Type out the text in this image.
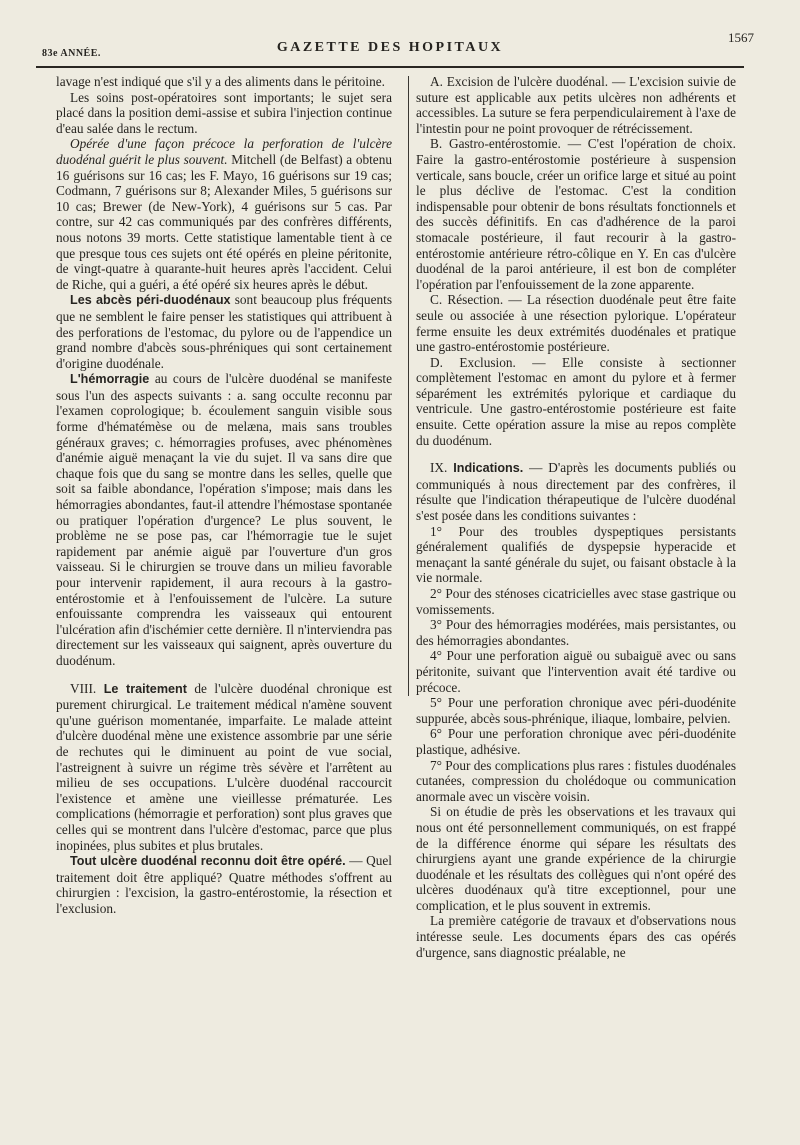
83e ANNÉE.	GAZETTE DES HOPITAUX
1567

lavage n'est indiqué que s'il y a des aliments dans le péritoine.

Les soins post-opératoires sont importants; le sujet sera placé dans la position demi-assise et subira l'injection continue d'eau salée dans le rectum.

Opérée d'une façon précoce la perforation de l'ulcère duodénal guérit le plus souvent. Mitchell (de Belfast) a obtenu 16 guérisons sur 16 cas; les F. Mayo, 16 guérisons sur 19 cas; Codmann, 7 guérisons sur 8; Alexander Miles, 5 guérisons sur 10 cas; Brewer (de New-York), 4 guérisons sur 5 cas. Par contre, sur 42 cas communiqués par des confrères différents, nous notons 39 morts. Cette statistique lamentable tient à ce que presque tous ces sujets ont été opérés en pleine péritonite, de vingt-quatre à quarante-huit heures après l'accident. Celui de Riche, qui a guéri, a été opéré six heures après le début.

Les abcès péri-duodénaux sont beaucoup plus fréquents que ne semblent le faire penser les statistiques qui attribuent à des perforations de l'estomac, du pylore ou de l'appendice un grand nombre d'abcès sous-phréniques qui sont certainement d'origine duodénale.

L'hémorragie au cours de l'ulcère duodénal se manifeste sous l'un des aspects suivants : a. sang occulte reconnu par l'examen coprologique; b. écoulement sanguin visible sous forme d'hématémèse ou de melæna, mais sans troubles généraux graves; c. hémorragies profuses, avec phénomènes d'anémie aiguë menaçant la vie du sujet. Il va sans dire que chaque fois que du sang se montre dans les selles, quelle que soit sa faible abondance, l'opération s'impose; mais dans les hémorragies abondantes, faut-il attendre l'hémostase spontanée ou pratiquer l'opération d'urgence? Le plus souvent, le problème ne se pose pas, car l'hémorragie tue le sujet rapidement par anémie aiguë par l'ouverture d'un gros vaisseau. Si le chirurgien se trouve dans un milieu favorable pour intervenir rapidement, il aura recours à la gastro-entérostomie et à l'enfouissement de l'ulcère. La suture enfouissante comprendra les vaisseaux qui entourent l'ulcération afin d'ischémier cette dernière. Il n'interviendra pas directement sur les vaisseaux qui saignent, après ouverture du duodénum.

VIII. Le traitement de l'ulcère duodénal chronique est purement chirurgical. Le traitement médical n'amène souvent qu'une guérison momentanée, imparfaite. Le malade atteint d'ulcère duodénal mène une existence assombrie par une série de rechutes qui le diminuent au point de vue social, l'astreignent à suivre un régime très sévère et l'arrêtent au milieu de ses occupations. L'ulcère duodénal raccourcit l'existence et amène une vieillesse prématurée. Les complications (hémorragie et perforation) sont plus graves que celles qui se montrent dans l'ulcère d'estomac, parce que plus inopinées, plus subites et plus brutales.

Tout ulcère duodénal reconnu doit être opéré. — Quel traitement doit être appliqué? Quatre méthodes s'offrent au chirurgien : l'excision, la gastro-entérostomie, la résection et l'exclusion.

A. Excision de l'ulcère duodénal. — L'excision suivie de suture est applicable aux petits ulcères non adhérents et accessibles. La suture se fera perpendiculairement à l'axe de l'intestin pour ne point provoquer de rétrécissement.

B. Gastro-entérostomie. — C'est l'opération de choix. Faire la gastro-entérostomie postérieure à suspension verticale, sans boucle, créer un orifice large et situé au point le plus déclive de l'estomac. C'est la condition indispensable pour obtenir de bons résultats fonctionnels et des succès définitifs. En cas d'adhérence de la paroi stomacale postérieure, il faut recourir à la gastro-entérostomie antérieure rétro-côlique en Y. En cas d'ulcère duodénal de la paroi antérieure, il est bon de compléter l'opération par l'enfouissement de la zone apparente.

C. Résection. — La résection duodénale peut être faite seule ou associée à une résection pylorique. L'opérateur ferme ensuite les deux extrémités duodénales et pratique une gastro-entérostomie postérieure.

D. Exclusion. — Elle consiste à sectionner complètement l'estomac en amont du pylore et à fermer séparément les extrémités pylorique et cardiaque du ventricule. Une gastro-entérostomie postérieure est faite ensuite. Cette opération assure la mise au repos complète du duodénum.

IX. Indications. — D'après les documents publiés ou communiqués à nous directement par des confrères, il résulte que l'indication thérapeutique de l'ulcère duodénal s'est posée dans les conditions suivantes :

1° Pour des troubles dyspeptiques persistants généralement qualifiés de dyspepsie hyperacide et menaçant la santé générale du sujet, ou faisant obstacle à la vie normale.

2° Pour des sténoses cicatricielles avec stase gastrique ou vomissements.

3° Pour des hémorragies modérées, mais persistantes, ou des hémorragies abondantes.

4° Pour une perforation aiguë ou subaiguë avec ou sans péritonite, suivant que l'intervention avait été tardive ou précoce.

5° Pour une perforation chronique avec péri-duodénite suppurée, abcès sous-phrénique, iliaque, lombaire, pelvien.

6° Pour une perforation chronique avec péri-duodénite plastique, adhésive.

7° Pour des complications plus rares : fistules duodénales cutanées, compression du cholédoque ou communication anormale avec un viscère voisin.

Si on étudie de près les observations et les travaux qui nous ont été personnellement communiqués, on est frappé de la différence énorme qui sépare les résultats des chirurgiens ayant une grande expérience de la chirurgie duodénale et les résultats des collègues qui n'ont opéré des ulcères duodénaux qu'à titre exceptionnel, pour une complication, et le plus souvent in extremis.

La première catégorie de travaux et d'observations nous intéresse seule. Les documents épars des cas opérés d'urgence, sans diagnostic préalable, ne
